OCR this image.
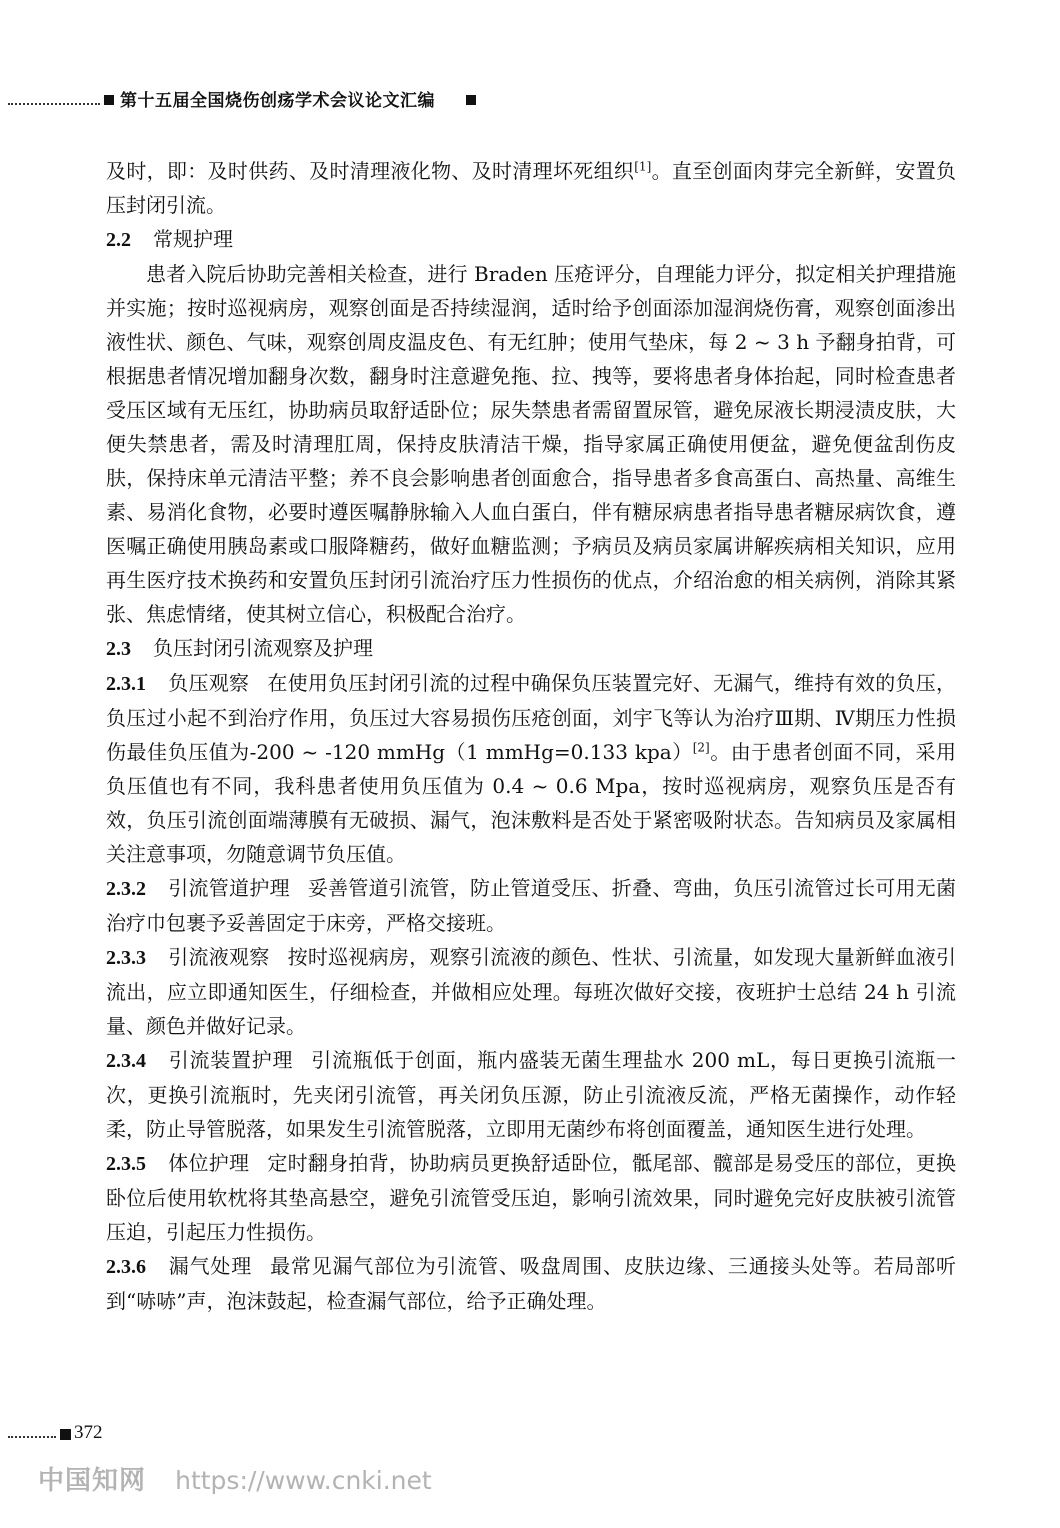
第十五届全国烧伤创疡学术会议论文汇编

及时，即：及时供药、及时清理液化物、及时清理坏死组织[1]。直至创面肉芽完全新鲜，安置负压封闭引流。

2.2 常规护理

患者入院后协助完善相关检查，进行 Braden 压疮评分，自理能力评分，拟定相关护理措施并实施；按时巡视病房，观察创面是否持续湿润，适时给予创面添加湿润烧伤膏，观察创面渗出液性状、颜色、气味，观察创周皮温皮色、有无红肿；使用气垫床，每 2 ~ 3 h 予翻身拍背，可根据患者情况增加翻身次数，翻身时注意避免拖、拉、拽等，要将患者身体抬起，同时检查患者受压区域有无压红，协助病员取舒适卧位；尿失禁患者需留置尿管，避免尿液长期浸渍皮肤，大便失禁患者，需及时清理肛周，保持皮肤清洁干燥，指导家属正确使用便盆，避免便盆刮伤皮肤，保持床单元清洁平整；养不良会影响患者创面愈合，指导患者多食高蛋白、高热量、高维生素、易消化食物，必要时遵医嘱静脉输入人血白蛋白，伴有糖尿病患者指导患者糖尿病饮食，遵医嘱正确使用胰岛素或口服降糖药，做好血糖监测；予病员及病员家属讲解疾病相关知识，应用再生医疗技术换药和安置负压封闭引流治疗压力性损伤的优点，介绍治愈的相关病例，消除其紧张、焦虑情绪，使其树立信心，积极配合治疗。

2.3 负压封闭引流观察及护理

2.3.1 负压观察 在使用负压封闭引流的过程中确保负压装置完好、无漏气，维持有效的负压，负压过小起不到治疗作用，负压过大容易损伤压疮创面，刘宇飞等认为治疗Ⅲ期、Ⅳ期压力性损伤最佳负压值为-200 ~ -120 mmHg（1 mmHg=0.133 kpa）[2]。由于患者创面不同，采用负压值也有不同，我科患者使用负压值为 0.4 ~ 0.6 Mpa，按时巡视病房，观察负压是否有效，负压引流创面端薄膜有无破损、漏气，泡沫敷料是否处于紧密吸附状态。告知病员及家属相关注意事项，勿随意调节负压值。

2.3.2 引流管道护理 妥善管道引流管，防止管道受压、折叠、弯曲，负压引流管过长可用无菌治疗巾包裹予妥善固定于床旁，严格交接班。

2.3.3 引流液观察 按时巡视病房，观察引流液的颜色、性状、引流量，如发现大量新鲜血液引流出，应立即通知医生，仔细检查，并做相应处理。每班次做好交接，夜班护士总结 24 h 引流量、颜色并做好记录。

2.3.4 引流装置护理 引流瓶低于创面，瓶内盛装无菌生理盐水 200 mL，每日更换引流瓶一次，更换引流瓶时，先夹闭引流管，再关闭负压源，防止引流液反流，严格无菌操作，动作轻柔，防止导管脱落，如果发生引流管脱落，立即用无菌纱布将创面覆盖，通知医生进行处理。

2.3.5 体位护理 定时翻身拍背，协助病员更换舒适卧位，骶尾部、髋部是易受压的部位，更换卧位后使用软枕将其垫高悬空，避免引流管受压迫，影响引流效果，同时避免完好皮肤被引流管压迫，引起压力性损伤。

2.3.6 漏气处理 最常见漏气部位为引流管、吸盘周围、皮肤边缘、三通接头处等。若局部听到“哧哧”声，泡沫鼓起，检查漏气部位，给予正确处理。

372
中国知网 https://www.cnki.net
